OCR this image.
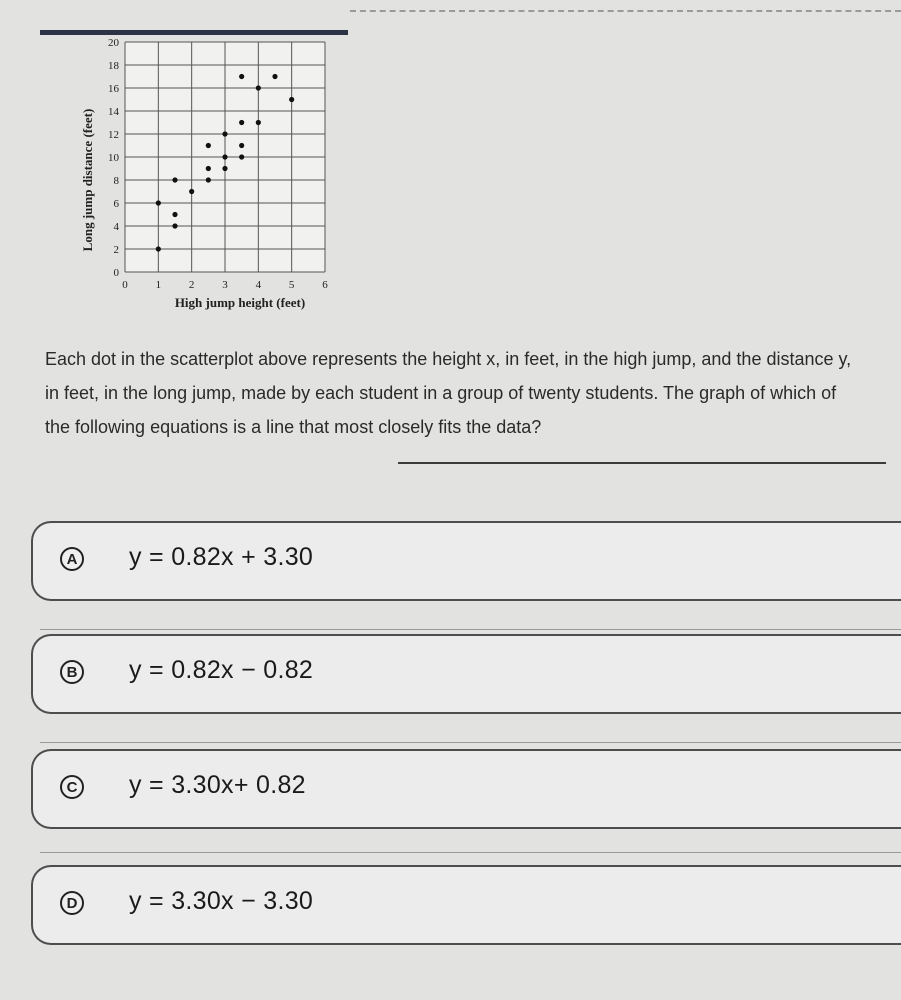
0
2
4
6
8
10
12
14
16
18
20
0	1	2	3	4	5	6
High jump height (feet)
Long jump distance (feet)
Each dot in the scatterplot above represents the height x, in feet, in the high jump, and the distance y, in feet, in the long jump, made by each student in a group of twenty students. The graph of which of the following equations is a line that most closely fits the data?
A y = 0.82x + 3.30
B y = 0.82x − 0.82
C y = 3.30x+ 0.82
D y = 3.30x − 3.30
